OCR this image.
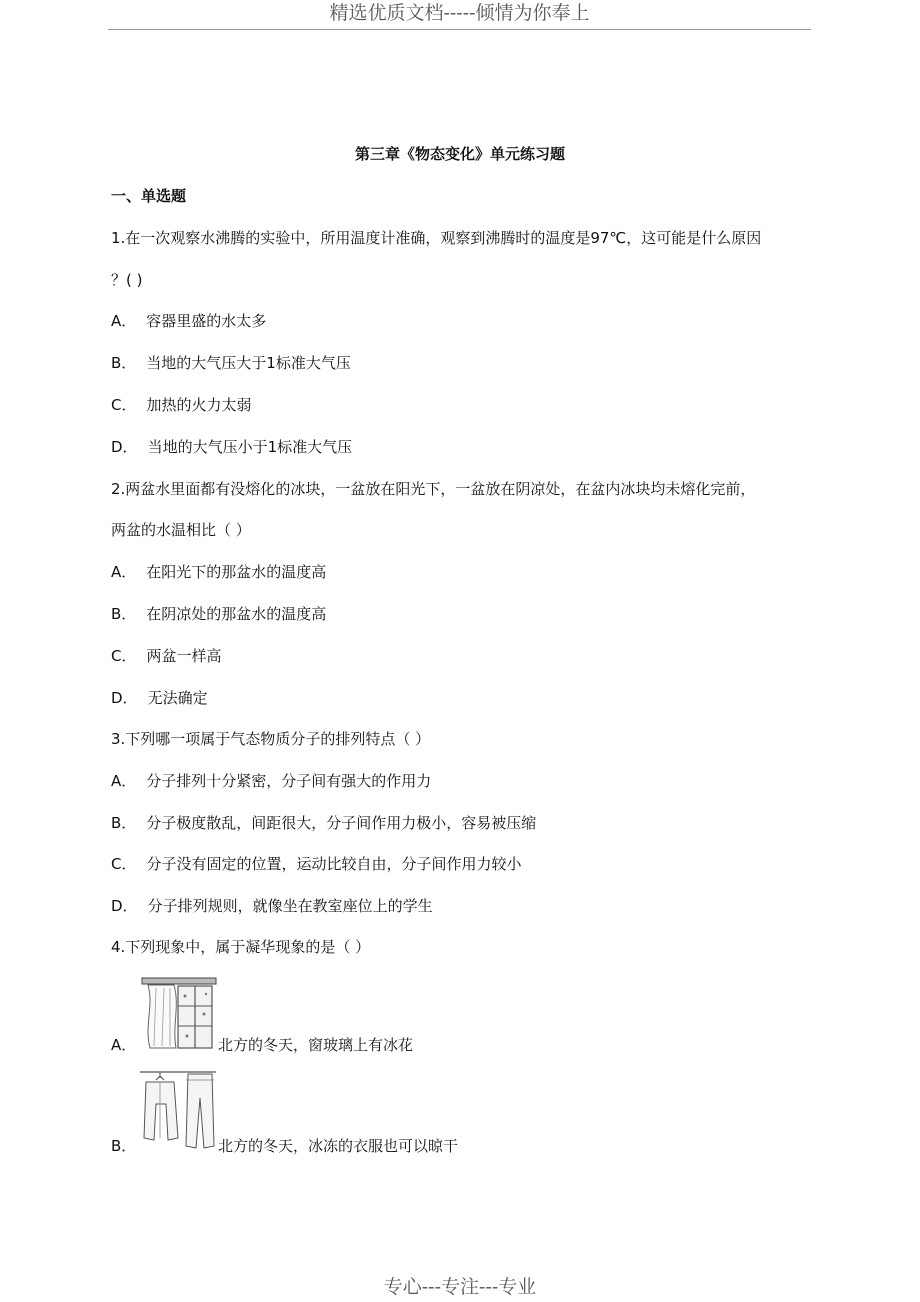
精选优质文档-----倾情为你奉上
第三章《物态变化》单元练习题
一、单选题
1.在一次观察水沸腾的实验中，所用温度计准确，观察到沸腾时的温度是97℃，这可能是什么原因
？( )
A． 容器里盛的水太多
B． 当地的大气压大于1标准大气压
C． 加热的火力太弱
D． 当地的大气压小于1标准大气压
2.两盆水里面都有没熔化的冰块，一盆放在阳光下，一盆放在阴凉处，在盆内冰块均未熔化完前，
两盆的水温相比（ ）
A． 在阳光下的那盆水的温度高
B． 在阴凉处的那盆水的温度高
C． 两盆一样高
D． 无法确定
3.下列哪一项属于气态物质分子的排列特点（ ）
A． 分子排列十分紧密，分子间有强大的作用力
B． 分子极度散乱，间距很大，分子间作用力极小，容易被压缩
C． 分子没有固定的位置，运动比较自由，分子间作用力较小
D． 分子排列规则，就像坐在教室座位上的学生
4.下列现象中，属于凝华现象的是（ ）
A．	北方的冬天，窗玻璃上有冰花
B．	北方的冬天，冰冻的衣服也可以晾干
专心---专注---专业
